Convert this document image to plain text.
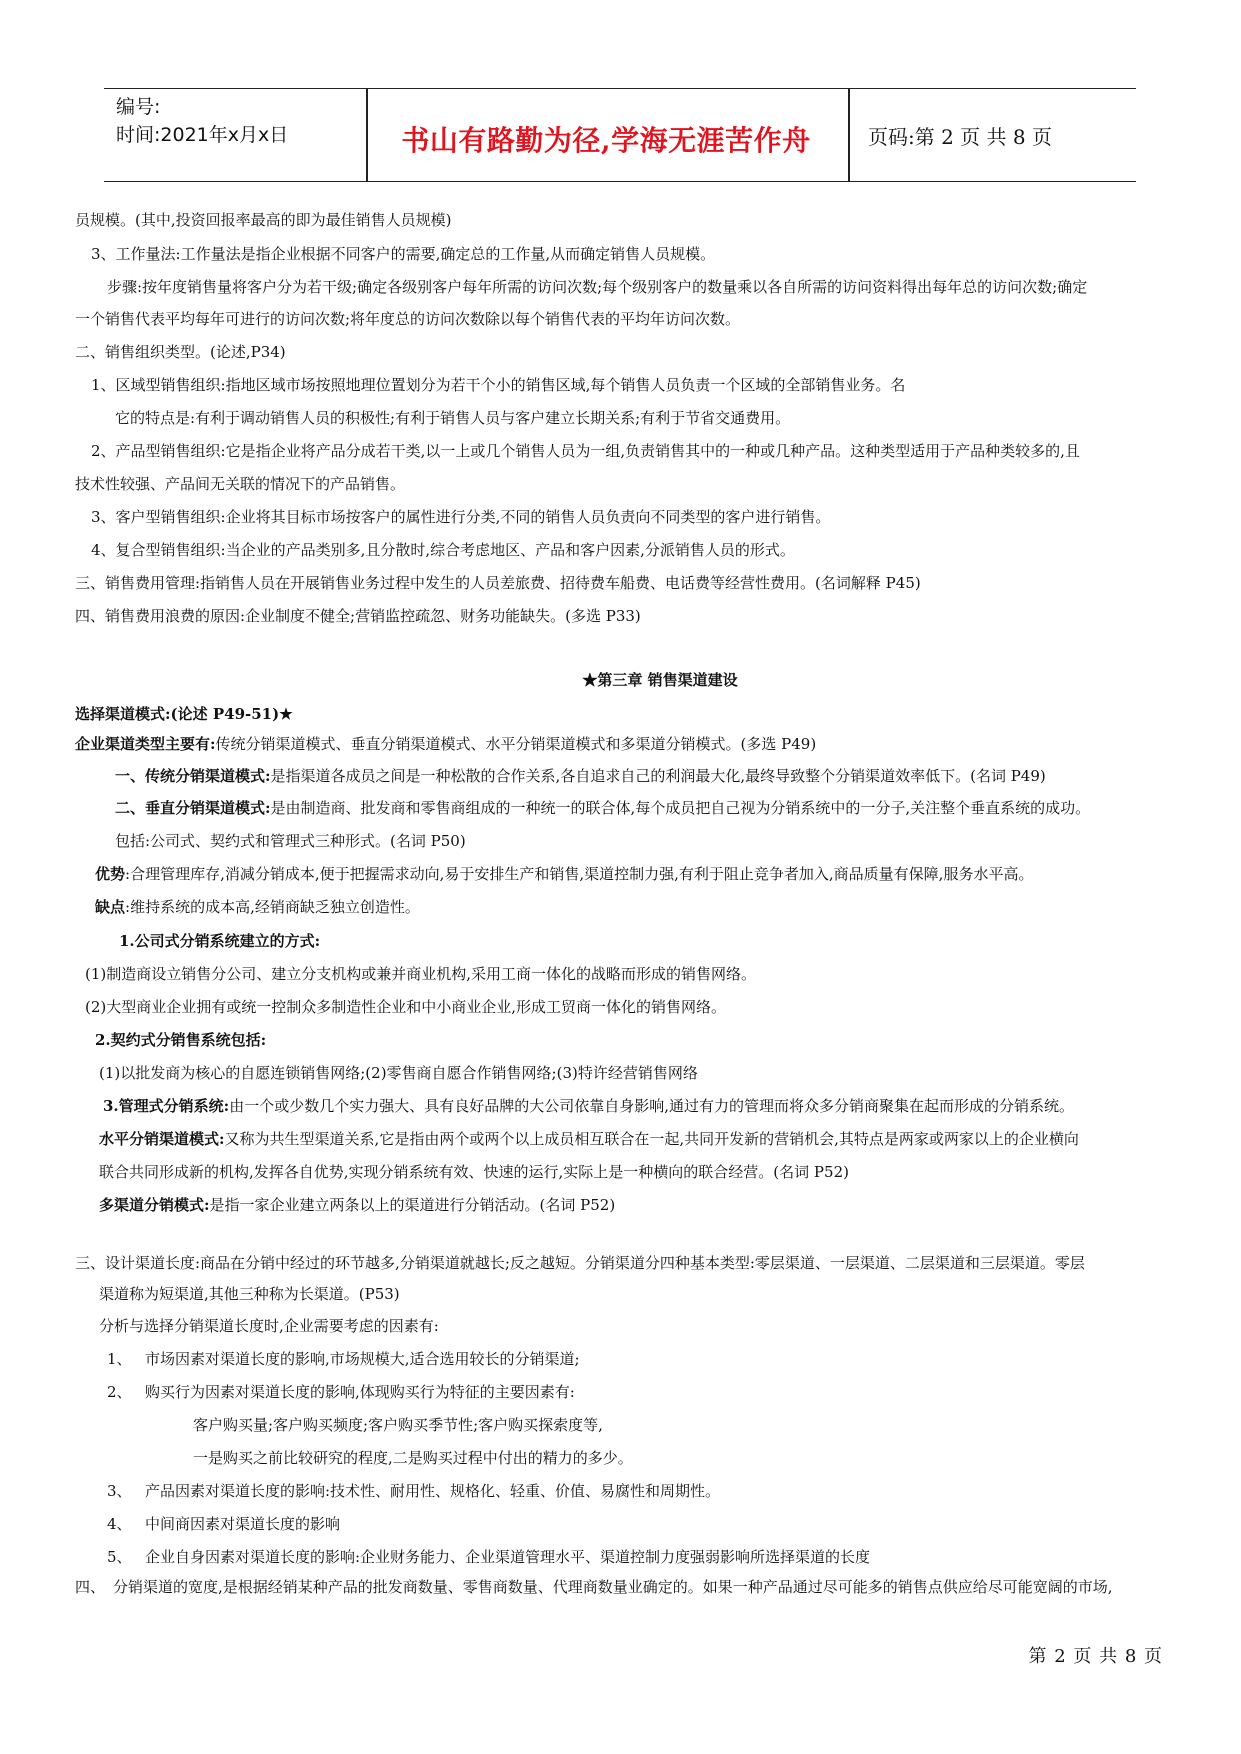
编号:
时间:2021年x月x日	书山有路勤为径,学海无涯苦作舟	页码:第 2 页 共 8 页
员规模。(其中,投资回报率最高的即为最佳销售人员规模)
3、工作量法:工作量法是指企业根据不同客户的需要,确定总的工作量,从而确定销售人员规模。
步骤:按年度销售量将客户分为若干级;确定各级别客户每年所需的访问次数;每个级别客户的数量乘以各自所需的访问资料得出每年总的访问次数;确定
一个销售代表平均每年可进行的访问次数;将年度总的访问次数除以每个销售代表的平均年访问次数。
二、销售组织类型。(论述,P34)
1、区域型销售组织:指地区域市场按照地理位置划分为若干个小的销售区域,每个销售人员负责一个区域的全部销售业务。名
它的特点是:有利于调动销售人员的积极性;有利于销售人员与客户建立长期关系;有利于节省交通费用。
2、产品型销售组织:它是指企业将产品分成若干类,以一上或几个销售人员为一组,负责销售其中的一种或几种产品。这种类型适用于产品种类较多的,且
技术性较强、产品间无关联的情况下的产品销售。
3、客户型销售组织:企业将其目标市场按客户的属性进行分类,不同的销售人员负责向不同类型的客户进行销售。
4、复合型销售组织:当企业的产品类别多,且分散时,综合考虑地区、产品和客户因素,分派销售人员的形式。
三、销售费用管理:指销售人员在开展销售业务过程中发生的人员差旅费、招待费车船费、电话费等经营性费用。(名词解释 P45)
四、销售费用浪费的原因:企业制度不健全;营销监控疏忽、财务功能缺失。(多选 P33)
★第三章 销售渠道建设
选择渠道模式:(论述 P49-51)★
企业渠道类型主要有:传统分销渠道模式、垂直分销渠道模式、水平分销渠道模式和多渠道分销模式。(多选 P49)
一、传统分销渠道模式:是指渠道各成员之间是一种松散的合作关系,各自追求自己的利润最大化,最终导致整个分销渠道效率低下。(名词 P49)
二、垂直分销渠道模式:是由制造商、批发商和零售商组成的一种统一的联合体,每个成员把自己视为分销系统中的一分子,关注整个垂直系统的成功。
包括:公司式、契约式和管理式三种形式。(名词 P50)
优势:合理管理库存,消减分销成本,便于把握需求动向,易于安排生产和销售,渠道控制力强,有利于阻止竞争者加入,商品质量有保障,服务水平高。
缺点:维持系统的成本高,经销商缺乏独立创造性。
1.公司式分销系统建立的方式:
(1)制造商设立销售分公司、建立分支机构或兼并商业机构,采用工商一体化的战略而形成的销售网络。
(2)大型商业企业拥有或统一控制众多制造性企业和中小商业企业,形成工贸商一体化的销售网络。
2.契约式分销售系统包括:
(1)以批发商为核心的自愿连锁销售网络;(2)零售商自愿合作销售网络;(3)特许经营销售网络
3.管理式分销系统:由一个或少数几个实力强大、具有良好品牌的大公司依靠自身影响,通过有力的管理而将众多分销商聚集在起而形成的分销系统。
水平分销渠道模式:又称为共生型渠道关系,它是指由两个或两个以上成员相互联合在一起,共同开发新的营销机会,其特点是两家或两家以上的企业横向
联合共同形成新的机构,发挥各自优势,实现分销系统有效、快速的运行,实际上是一种横向的联合经营。(名词 P52)
多渠道分销模式:是指一家企业建立两条以上的渠道进行分销活动。(名词 P52)
三、设计渠道长度:商品在分销中经过的环节越多,分销渠道就越长;反之越短。分销渠道分四种基本类型:零层渠道、一层渠道、二层渠道和三层渠道。零层
渠道称为短渠道,其他三种称为长渠道。(P53)
分析与选择分销渠道长度时,企业需要考虑的因素有:
1、 市场因素对渠道长度的影响,市场规模大,适合选用较长的分销渠道;
2、 购买行为因素对渠道长度的影响,体现购买行为特征的主要因素有:
客户购买量;客户购买频度;客户购买季节性;客户购买探索度等,
一是购买之前比较研究的程度,二是购买过程中付出的精力的多少。
3、 产品因素对渠道长度的影响:技术性、耐用性、规格化、轻重、价值、易腐性和周期性。
4、 中间商因素对渠道长度的影响
5、 企业自身因素对渠道长度的影响:企业财务能力、企业渠道管理水平、渠道控制力度强弱影响所选择渠道的长度
四、 分销渠道的宽度,是根据经销某种产品的批发商数量、零售商数量、代理商数量业确定的。如果一种产品通过尽可能多的销售点供应给尽可能宽阔的市场,
第 2 页 共 8 页
